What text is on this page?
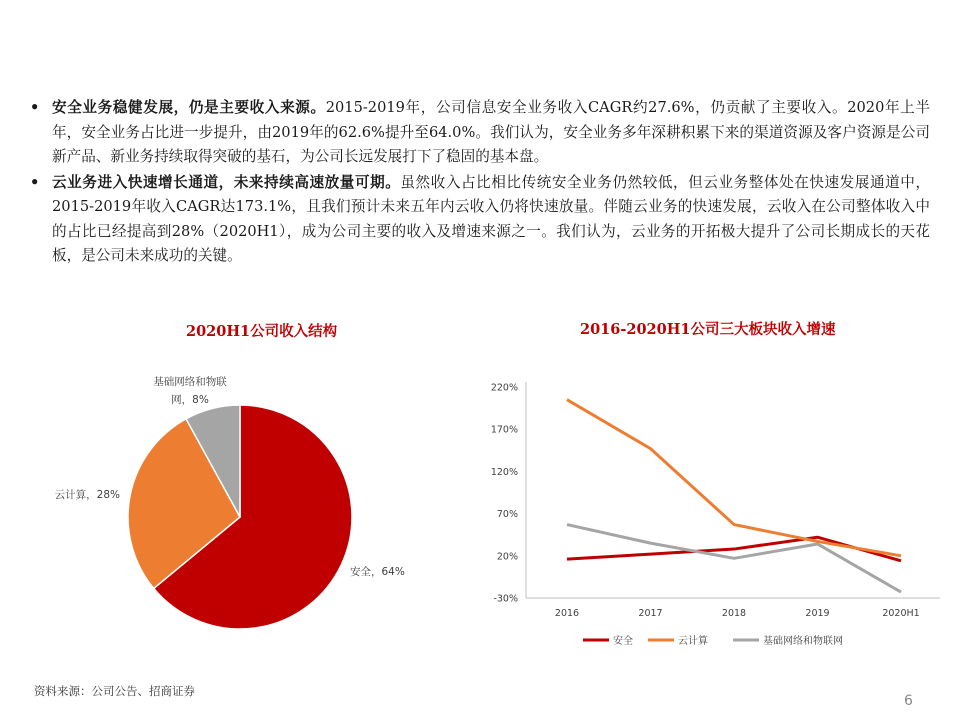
• 安全业务稳健发展，仍是主要收入来源。2015-2019年，公司信息安全业务收入CAGR约27.6%，仍贡献了主要收入。2020年上半年，安全业务占比进一步提升，由2019年的62.6%提升至64.0%。我们认为，安全业务多年深耕积累下来的渠道资源及客户资源是公司新产品、新业务持续取得突破的基石，为公司长远发展打下了稳固的基本盘。
• 云业务进入快速增长通道，未来持续高速放量可期。虽然收入占比相比传统安全业务仍然较低，但云业务整体处在快速发展通道中，2015-2019年收入CAGR达173.1%，且我们预计未来五年内云收入仍将快速放量。伴随云业务的快速发展，云收入在公司整体收入中的占比已经提高到28%（2020H1），成为公司主要的收入及增速来源之一。我们认为，云业务的开拓极大提升了公司长期成长的天花板，是公司未来成功的关键。
2020H1公司收入结构
安全，64%
云计算，28%
基础网络和物联
网，8%
2016-2020H1公司三大板块收入增速
220%
170%
120%
70%
20%
-30%
2016	2017	2018	2019	2020H1
安全	云计算	基础网络和物联网
资料来源：公司公告、招商证券
6
